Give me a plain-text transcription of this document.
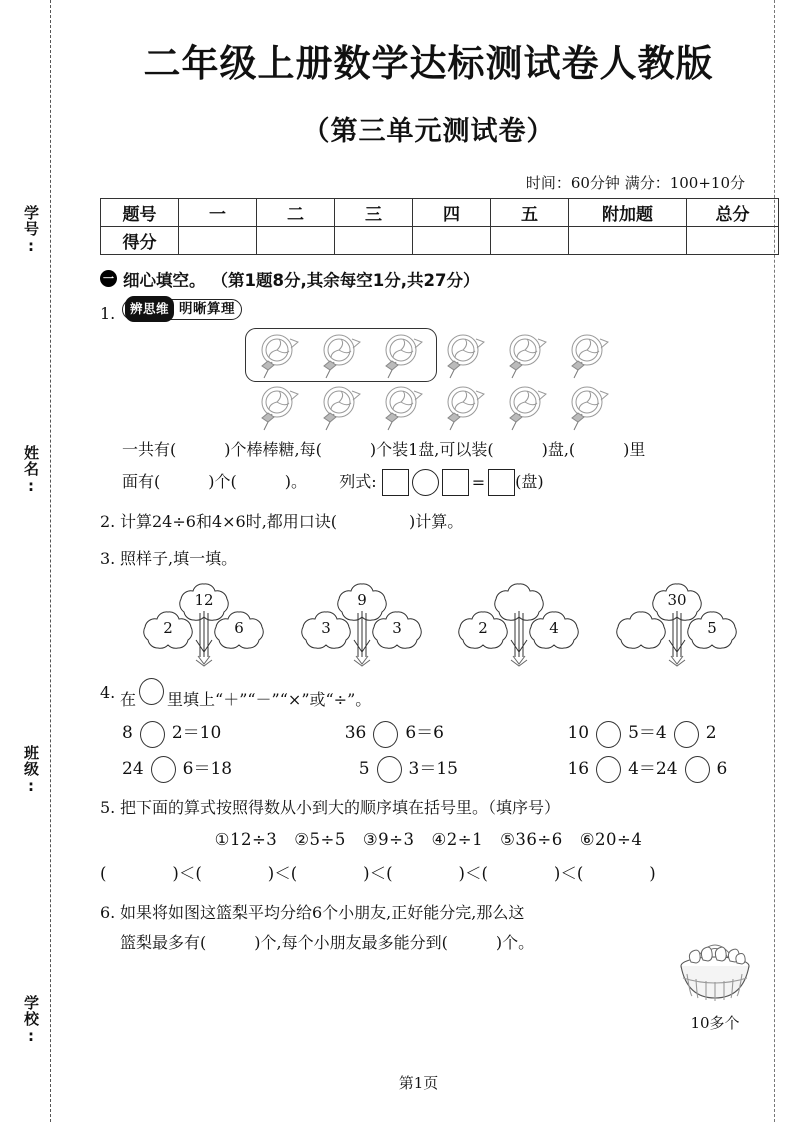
学号:
姓名:
班级:
学校:
二年级上册数学达标测试卷人教版
（第三单元测试卷）
时间：60分钟 满分：100+10分
题号	一	二	三	四	五	附加题	总分
得分							
一 细心填空。 （第1题8分,其余每空1分,共27分）
1.	辨思维 明晰算理
一共有(	)个棒棒糖,每(	)个装1盘,可以装(	)盘,(	)里
面有(	)个(	)。 列式:	= (盘)
2. 计算24÷6和4×6时,都用口诀(	)计算。
3. 照样子,填一填。
12
2	6
9
3	3	2	4
30
5
4. 在 里填上“＋”“－”“×”或“÷”。
8 2＝10	36 6＝6	10 5＝4 2
24 6＝18	5 3＝15	16 4＝24 6
5. 把下面的算式按照得数从小到大的顺序填在括号里。（填序号）
①12÷3　②5÷5　③9÷3　④2÷1　⑤36÷6　⑥20÷4
(　　　　)＜(　　　　)＜(　　　　)＜(　　　　)＜(　　　　)＜(　　　　)
6. 如果将如图这篮梨平均分给6个小朋友,正好能分完,那么这
篮梨最多有(	)个,每个小朋友最多能分到(	)个。
10多个
第1页
